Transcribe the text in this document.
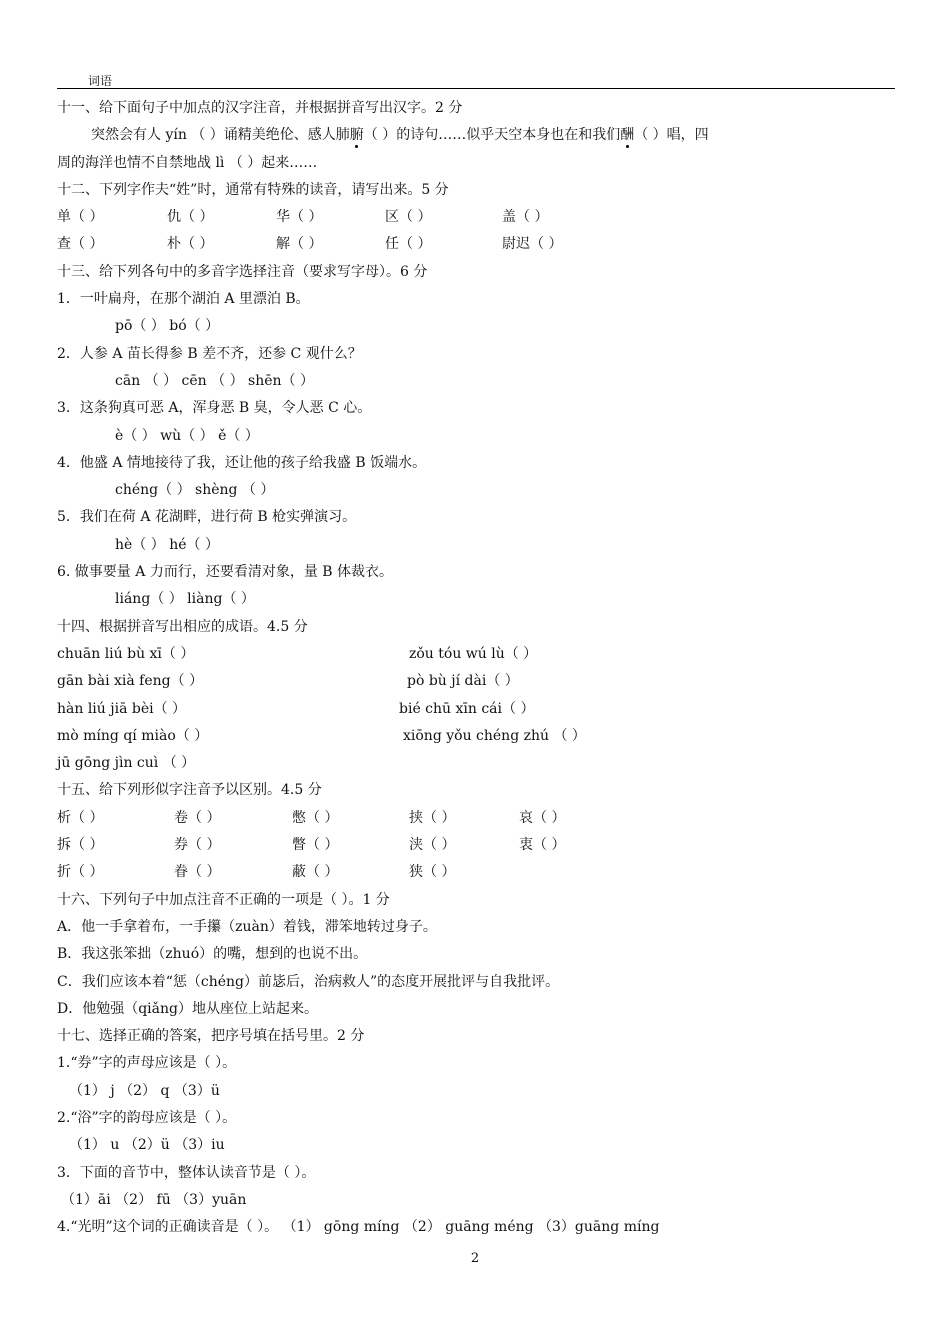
词语
十一、给下面句子中加点的汉字注音，并根据拼音写出汉字。2 分
突然会有人 yín （ ）诵精美绝伦、感人肺腑（ ）的诗句……似乎天空本身也在和我们酬（ ）唱，四
周的海洋也情不自禁地战 lì （ ）起来……
十二、下列字作夫“姓”时，通常有特殊的读音，请写出来。5 分
单（ ）	仇（ ）	华（ ）	区（ ）	盖（ ）
查（ ）	朴（ ）	解（ ）	任（ ）	尉迟（ ）
十三、给下列各句中的多音字选择注音（要求写字母）。6 分
1．一叶扁舟，在那个湖泊 A 里漂泊 B。
pō（ ） bó（ ）
2．人参 A 苗长得参 B 差不齐，还参 C 观什么？
cān （ ） cēn （ ） shēn（ ）
3．这条狗真可恶 A，浑身恶 B 臭，令人恶 C 心。
è（ ） wù（ ） ě（ ）
4．他盛 A 情地接待了我，还让他的孩子给我盛 B 饭端水。
chéng（ ） shèng （ ）
5．我们在荷 A 花湖畔，进行荷 B 枪实弹演习。
hè（ ） hé（ ）
6. 做事要量 A 力而行，还要看清对象，量 B 体裁衣。
liáng（ ） liàng（ ）
十四、根据拼音写出相应的成语。4.5 分
chuān liú bù xī（ ）	zǒu tóu wú lù（ ）
gān bài xià feng（ ）	pò bù jí dài（ ）
hàn liú jiā bèi（ ）	bié chū xīn cái（ ）
mò míng qí miào（ ）	xiōng yǒu chéng zhú （ ）
jū gōng jìn cuì （ ）
十五、给下列形似字注音予以区别。4.5 分
析（ ）	卷（ ）	憋（ ）	挟（ ）	哀（ ）
拆（ ）	券（ ）	瞥（ ）	浃（ ）	衷（ ）
折（ ）	眷（ ）	蔽（ ）	狭（ ）
十六、下列句子中加点注音不正确的一项是（ ）。1 分
A．他一手拿着布，一手攥（zuàn）着钱，滞笨地转过身子。
B．我这张笨拙（zhuó）的嘴，想到的也说不出。
C．我们应该本着“惩（chéng）前毖后，治病救人”的态度开展批评与自我批评。
D．他勉强（qiǎng）地从座位上站起来。
十七、选择正确的答案，把序号填在括号里。2 分
1.“券”字的声母应该是（ ）。
（1） j （2） q （3）ü
2.“浴”字的韵母应该是（ ）。
（1） u （2）ü （3）iu
3．下面的音节中，整体认读音节是（ ）。
（1）āi （2） fū （3）yuān
4.“光明”这个词的正确读音是（ ）。 （1） gōng míng （2） guāng méng （3）guāng míng
2
